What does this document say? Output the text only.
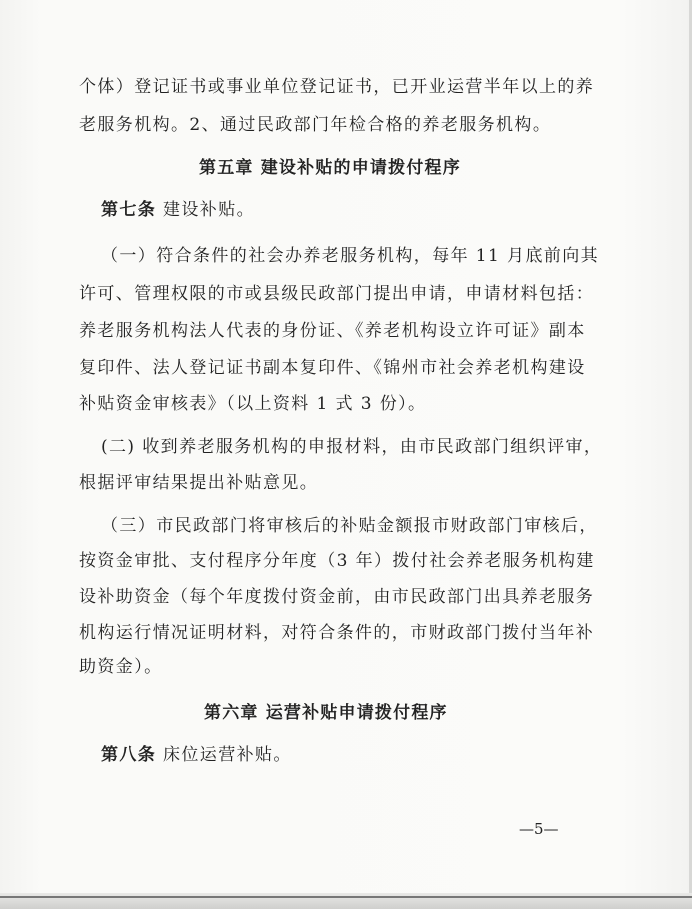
个体）登记证书或事业单位登记证书，已开业运营半年以上的养
老服务机构。2、通过民政部门年检合格的养老服务机构。
第五章 建设补贴的申请拨付程序
第七条 建设补贴。
（一）符合条件的社会办养老服务机构，每年 11 月底前向其
许可、管理权限的市或县级民政部门提出申请，申请材料包括：
养老服务机构法人代表的身份证、《养老机构设立许可证》副本
复印件、法人登记证书副本复印件、《锦州市社会养老机构建设
补贴资金审核表》（以上资料 1 式 3 份）。
(二) 收到养老服务机构的申报材料，由市民政部门组织评审，
根据评审结果提出补贴意见。
（三）市民政部门将审核后的补贴金额报市财政部门审核后，
按资金审批、支付程序分年度（3 年）拨付社会养老服务机构建
设补助资金（每个年度拨付资金前，由市民政部门出具养老服务
机构运行情况证明材料，对符合条件的，市财政部门拨付当年补
助资金）。
第六章 运营补贴申请拨付程序
第八条 床位运营补贴。
—5—
